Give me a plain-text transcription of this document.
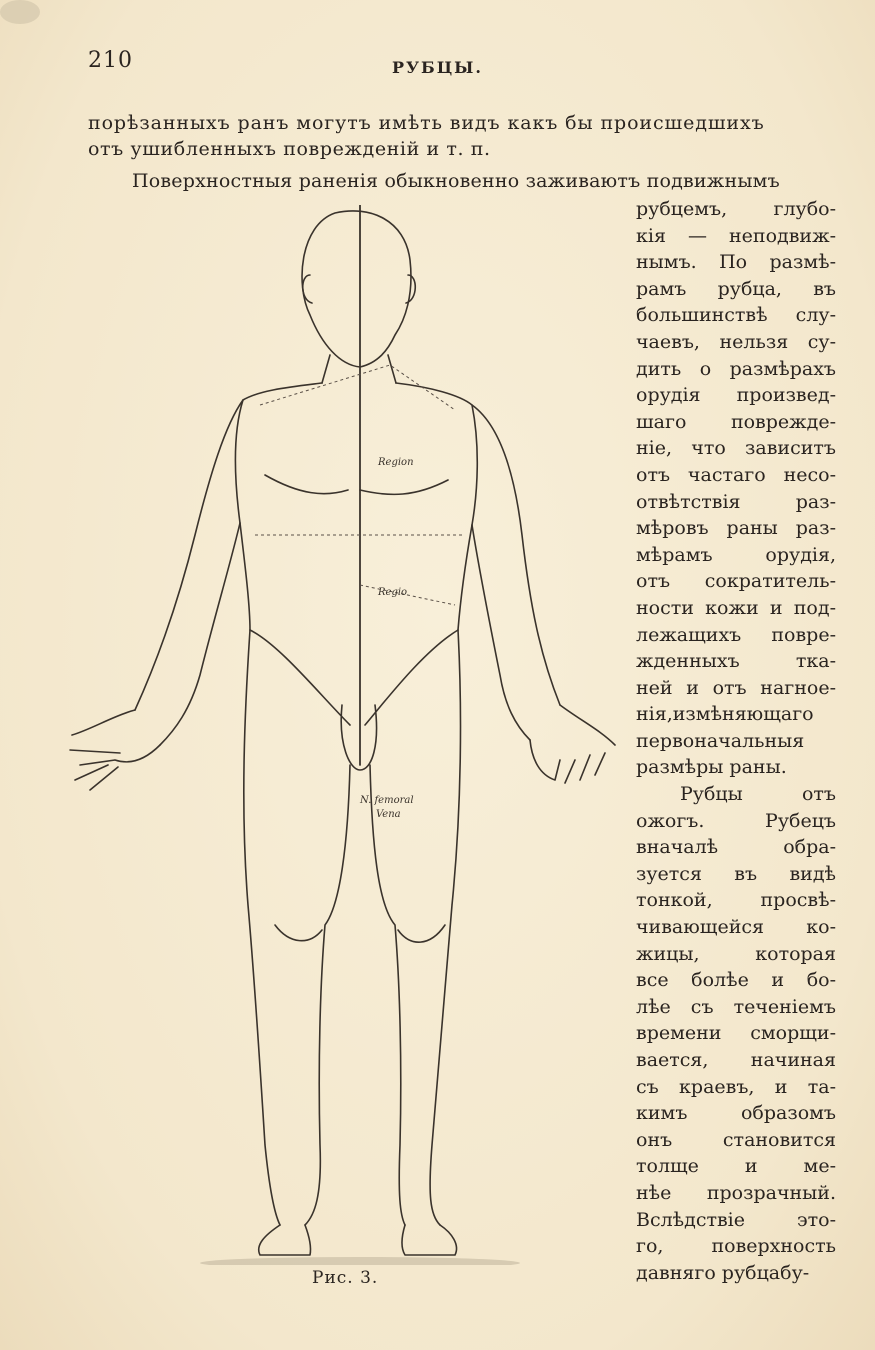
210	РУБЦЫ.
порѣзанныхъ ранъ могутъ имѣть видъ какъ бы происшедшихъ
отъ ушибленныхъ поврежденій и т. п.
Поверхностныя раненія обыкновенно заживаютъ подвижнымъ
рубцемъ, глубо-
кія — неподвиж-
нымъ. По размѣ-
рамъ рубца, въ
большинствѣ слу-
чаевъ, нельзя су-
дить о размѣрахъ
орудія произвед-
шаго поврежде-
ніе, что зависитъ
отъ частаго несо-
отвѣтствія раз-
мѣровъ раны раз-
мѣрамъ орудія,
отъ сократитель-
ности кожи и под-
лежащихъ повре-
жденныхъ тка-
ней и отъ нагное-
нія,измѣняющаго
первоначальныя
размѣры раны.
Рубцы отъ
ожогъ. Рубецъ
вначалѣ обра-
зуется въ видѣ
тонкой, просвѣ-
чивающейся ко-
жицы, которая
все болѣе и бо-
лѣе съ теченіемъ
времени сморщи-
вается, начиная
съ краевъ, и та-
кимъ образомъ
онъ становится
толще и ме-
нѣе прозрачный.
Вслѣдствіе это-
го, поверхность
давняго рубцабу-
N. femoral
Vena
Region
Regio
Рис. 3.
